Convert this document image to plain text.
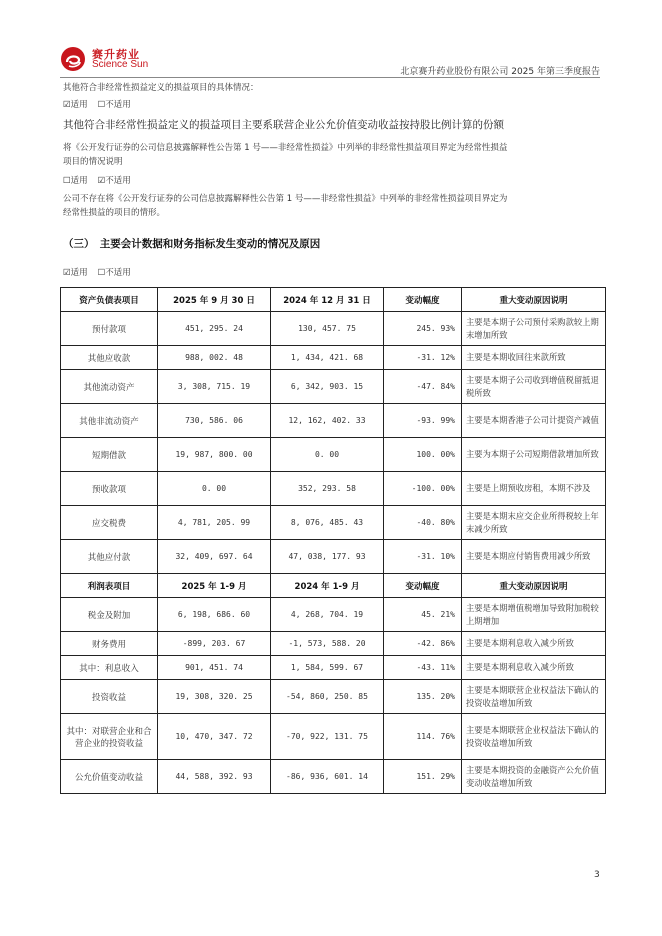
赛升药业
Science Sun
北京赛升药业股份有限公司 2025 年第三季度报告
其他符合非经常性损益定义的损益项目的具体情况：
☑适用 ☐不适用
其他符合非经常性损益定义的损益项目主要系联营企业公允价值变动收益按持股比例计算的份额
将《公开发行证券的公司信息披露解释性公告第 1 号——非经常性损益》中列举的非经常性损益项目界定为经常性损益
项目的情况说明
☐适用 ☑不适用
公司不存在将《公开发行证券的公司信息披露解释性公告第 1 号——非经常性损益》中列举的非经常性损益项目界定为
经常性损益的项目的情形。
（三）　主要会计数据和财务指标发生变动的情况及原因
☑适用 ☐不适用
资产负债表项目	2025 年 9 月 30 日	2024 年 12 月 31 日	变动幅度	重大变动原因说明
预付款项	451, 295. 24	130, 457. 75	245. 93%	主要是本期子公司预付采购款较上期末增加所致
其他应收款	988, 002. 48	1, 434, 421. 68	-31. 12%	主要是本期收回往来款所致
其他流动资产	3, 308, 715. 19	6, 342, 903. 15	-47. 84%	主要是本期子公司收到增值税留抵退税所致
其他非流动资产	730, 586. 06	12, 162, 402. 33	-93. 99%	主要是本期香港子公司计提资产减值
短期借款	19, 987, 800. 00	0. 00	100. 00%	主要为本期子公司短期借款增加所致
预收款项	0. 00	352, 293. 58	-100. 00%	主要是上期预收房租，本期不涉及
应交税费	4, 781, 205. 99	8, 076, 485. 43	-40. 80%	主要是本期末应交企业所得税较上年末减少所致
其他应付款	32, 409, 697. 64	47, 038, 177. 93	-31. 10%	主要是本期应付销售费用减少所致
利润表项目	2025 年 1-9 月	2024 年 1-9 月	变动幅度	重大变动原因说明
税金及附加	6, 198, 686. 60	4, 268, 704. 19	45. 21%	主要是本期增值税增加导致附加税较上期增加
财务费用	-899, 203. 67	-1, 573, 588. 20	-42. 86%	主要是本期利息收入减少所致
其中：利息收入	901, 451. 74	1, 584, 599. 67	-43. 11%	主要是本期利息收入减少所致
投资收益	19, 308, 320. 25	-54, 860, 250. 85	135. 20%	主要是本期联营企业权益法下确认的投资收益增加所致
其中：对联营企业和合营企业的投资收益	10, 470, 347. 72	-70, 922, 131. 75	114. 76%	主要是本期联营企业权益法下确认的投资收益增加所致
公允价值变动收益	44, 588, 392. 93	-86, 936, 601. 14	151. 29%	主要是本期投资的金融资产公允价值变动收益增加所致
3
